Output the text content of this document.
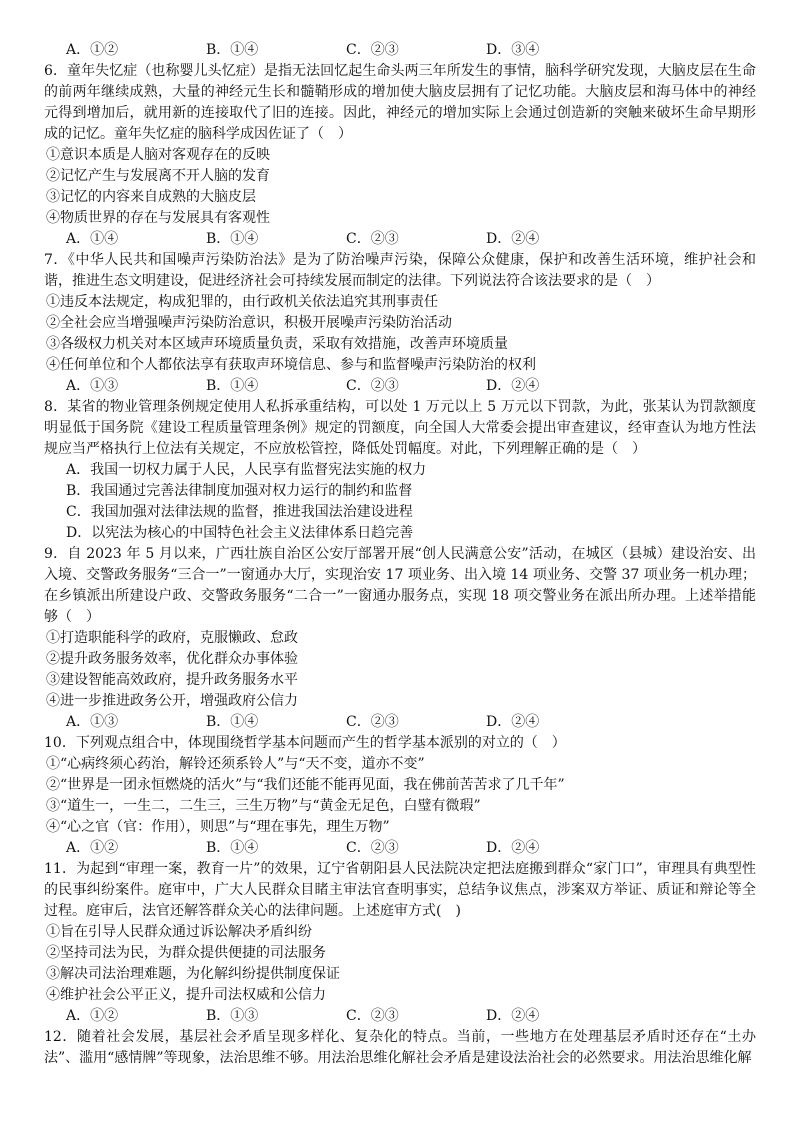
A．①②	B．①④	C．②③	D．③④

6．童年失忆症（也称婴儿头忆症）是指无法回忆起生命头两三年所发生的事情，脑科学研究发现，大脑皮层在生命的前两年继续成熟，大量的神经元生长和髓鞘形成的增加使大脑皮层拥有了记忆功能。大脑皮层和海马体中的神经元得到增加后，就用新的连接取代了旧的连接。因此，神经元的增加实际上会通过创造新的突触来破坏生命早期形成的记忆。童年失忆症的脑科学成因佐证了（　）

①意识本质是人脑对客观存在的反映

②记忆产生与发展离不开人脑的发育

③记忆的内容来自成熟的大脑皮层

④物质世界的存在与发展具有客观性

A．①④	B．①④	C．②③	D．②④

7．《中华人民共和国噪声污染防治法》是为了防治噪声污染，保障公众健康，保护和改善生活环境，维护社会和谐，推进生态文明建设，促进经济社会可持续发展而制定的法律。下列说法符合该法要求的是（　）

①违反本法规定，构成犯罪的，由行政机关依法追究其刑事责任

②全社会应当增强噪声污染防治意识，积极开展噪声污染防治活动

③各级权力机关对本区域声环境质量负责，采取有效措施，改善声环境质量

④任何单位和个人都依法享有获取声环境信息、参与和监督噪声污染防治的权利

A．①③	B．①④	C．②③	D．②④

8．某省的物业管理条例规定使用人私拆承重结构，可以处 1 万元以上 5 万元以下罚款，为此，张某认为罚款额度明显低于国务院《建设工程质量管理条例》规定的罚额度，向全国人大常委会提出审查建议，经审查认为地方性法规应当严格执行上位法有关规定，不应放松管控，降低处罚幅度。对此，下列理解正确的是（　）

A．我国一切权力属于人民，人民享有监督宪法实施的权力

B．我国通过完善法律制度加强对权力运行的制约和监督

C．我国加强对法律法规的监督，推进我国法治建设进程

D．以宪法为核心的中国特色社会主义法律体系日趋完善

9．自 2023 年 5 月以来，广西壮族自治区公安厅部署开展“创人民满意公安”活动，在城区（县城）建设治安、出入境、交警政务服务“三合一”一窗通办大厅，实现治安 17 项业务、出入境 14 项业务、交警 37 项业务一机办理；在乡镇派出所建设户政、交警政务服务“二合一”一窗通办服务点，实现 18 项交警业务在派出所办理。上述举措能够（　）

①打造职能科学的政府，克服懒政、怠政

②提升政务服务效率，优化群众办事体验

③建设智能高效政府，提升政务服务水平

④进一步推进政务公开，增强政府公信力

A．①③	B．①④	C．②③	D．②④

10．下列观点组合中，体现围绕哲学基本问题而产生的哲学基本派别的对立的（　）

①“心病终须心药治，解铃还须系铃人”与“天不变，道亦不变”

②“世界是一团永恒燃烧的活火”与“我们还能不能再见面，我在佛前苦苦求了几千年”

③“道生一，一生二，二生三，三生万物”与“黄金无足色，白璧有微瑕”

④“心之官（官：作用），则思”与“理在事先，理生万物”

A．①②	B．①④	C．②③	D．②④

11．为起到“审理一案，教育一片”的效果，辽宁省朝阳县人民法院决定把法庭搬到群众“家门口”，审理具有典型性的民事纠纷案件。庭审中，广大人民群众目睹主审法官查明事实，总结争议焦点，涉案双方举证、质证和辩论等全过程。庭审后，法官还解答群众关心的法律问题。上述庭审方式(　)

①旨在引导人民群众通过诉讼解决矛盾纠纷

②坚持司法为民，为群众提供便捷的司法服务

③解决司法治理难题，为化解纠纷提供制度保证

④维护社会公平正义，提升司法权威和公信力

A．①②	B．①③	C．②③	D．②④

12．随着社会发展，基层社会矛盾呈现多样化、复杂化的特点。当前，一些地方在处理基层矛盾时还存在“土办法”、滥用“感情牌”等现象，法治思维不够。用法治思维化解社会矛盾是建设法治社会的必然要求。用法治思维化解
